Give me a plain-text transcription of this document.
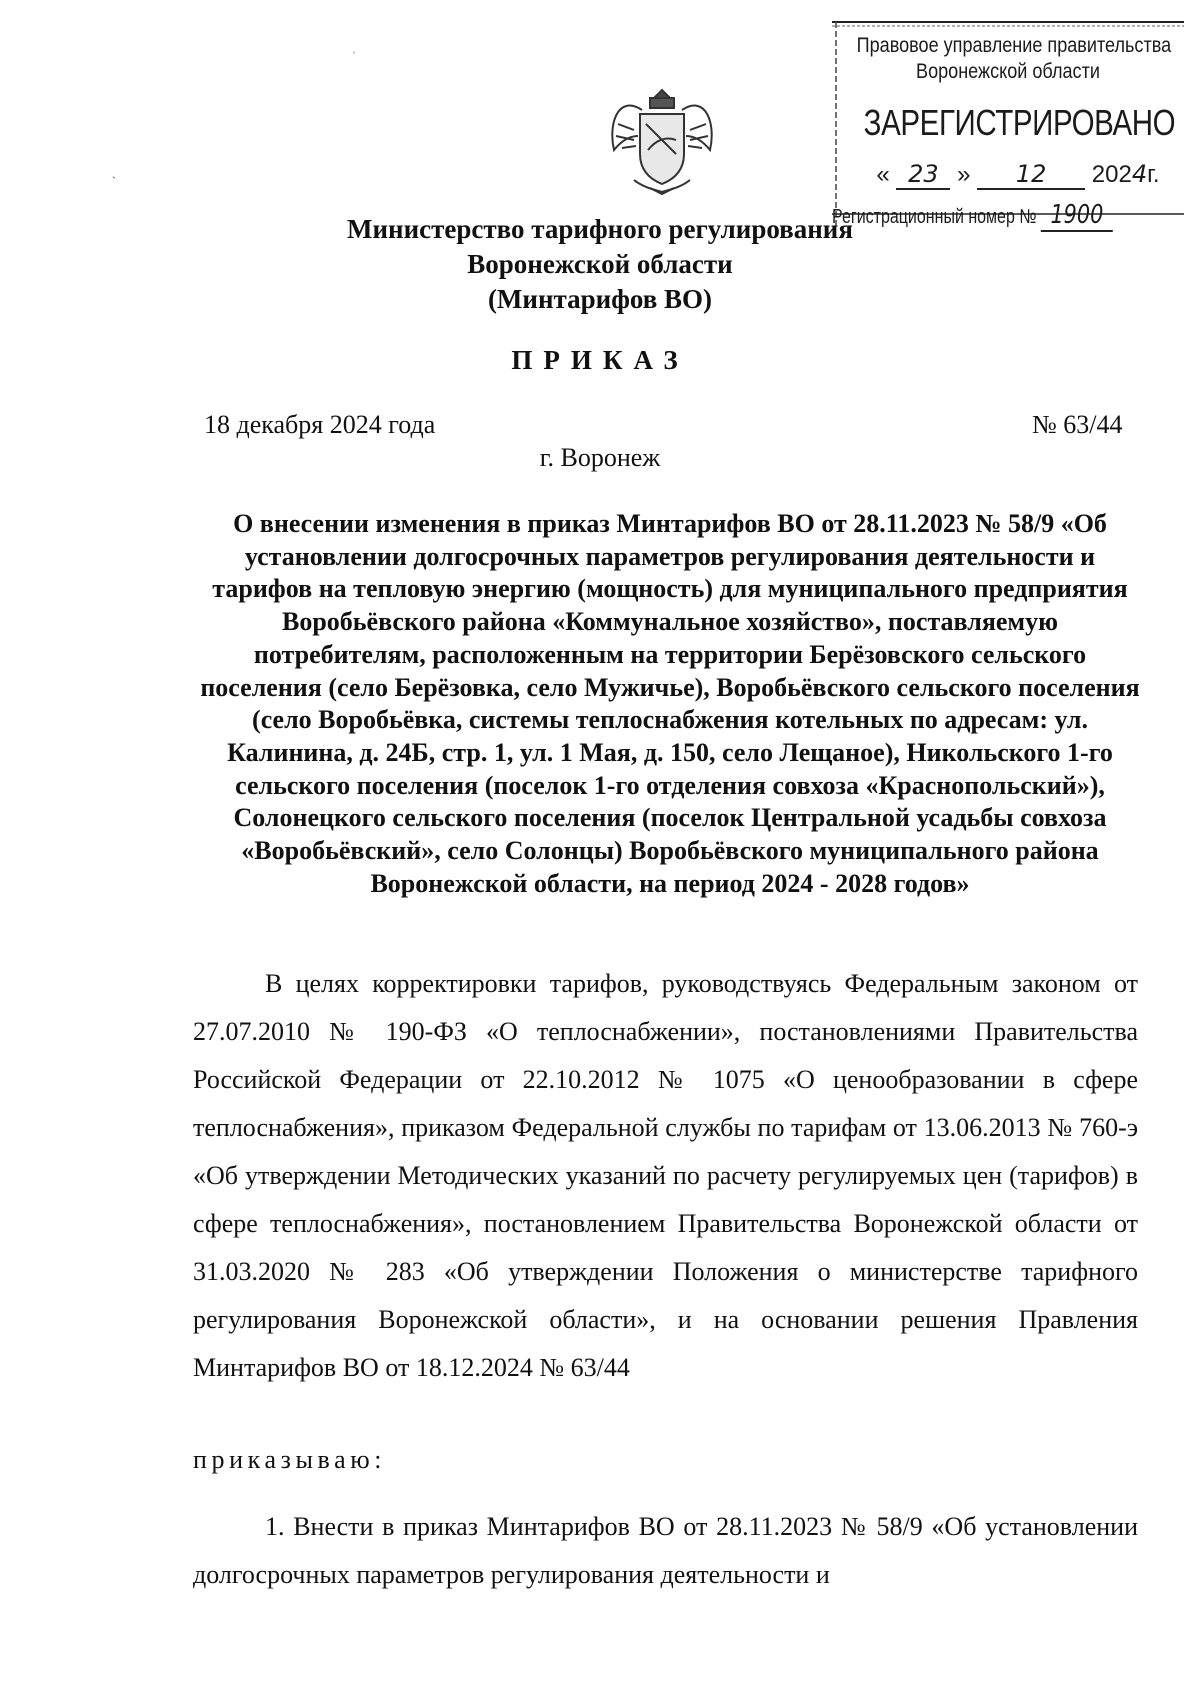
ˌ
ˏ
Правовое управление правительства
Воронежской области
ЗАРЕГИСТРИРОВАНО
« 23 » 12 2024г.
Регистрационный номер № 1900
Министерство тарифного регулирования
Воронежской области
(Минтарифов ВО)
ПРИКАЗ
18 декабря 2024 года	№ 63/44
г. Воронеж
О внесении изменения в приказ Минтарифов ВО от 28.11.2023 № 58/9 «Об установлении долгосрочных параметров регулирования деятельности и тарифов на тепловую энергию (мощность) для муниципального предприятия Воробьёвского района «Коммунальное хозяйство», поставляемую потребителям, расположенным на территории Берёзовского сельского поселения (село Берёзовка, село Мужичье), Воробьёвского сельского поселения (село Воробьёвка, системы теплоснабжения котельных по адресам: ул. Калинина, д. 24Б, стр. 1, ул. 1 Мая, д. 150, село Лещаное), Никольского 1-го сельского поселения (поселок 1-го отделения совхоза «Краснопольский»), Солонецкого сельского поселения (поселок Центральной усадьбы совхоза «Воробьёвский», село Солонцы) Воробьёвского муниципального района Воронежской области, на период 2024 - 2028 годов»
В целях корректировки тарифов, руководствуясь Федеральным законом от 27.07.2010 № 190-ФЗ «О теплоснабжении», постановлениями Правительства Российской Федерации от 22.10.2012 № 1075 «О ценообразовании в сфере теплоснабжения», приказом Федеральной службы по тарифам от 13.06.2013 № 760-э «Об утверждении Методических указаний по расчету регулируемых цен (тарифов) в сфере теплоснабжения», постановлением Правительства Воронежской области от 31.03.2020 № 283 «Об утверждении Положения о министерстве тарифного регулирования Воронежской области», и на основании решения Правления Минтарифов ВО от 18.12.2024 № 63/44
приказываю:
1. Внести в приказ Минтарифов ВО от 28.11.2023 № 58/9 «Об установлении долгосрочных параметров регулирования деятельности и
